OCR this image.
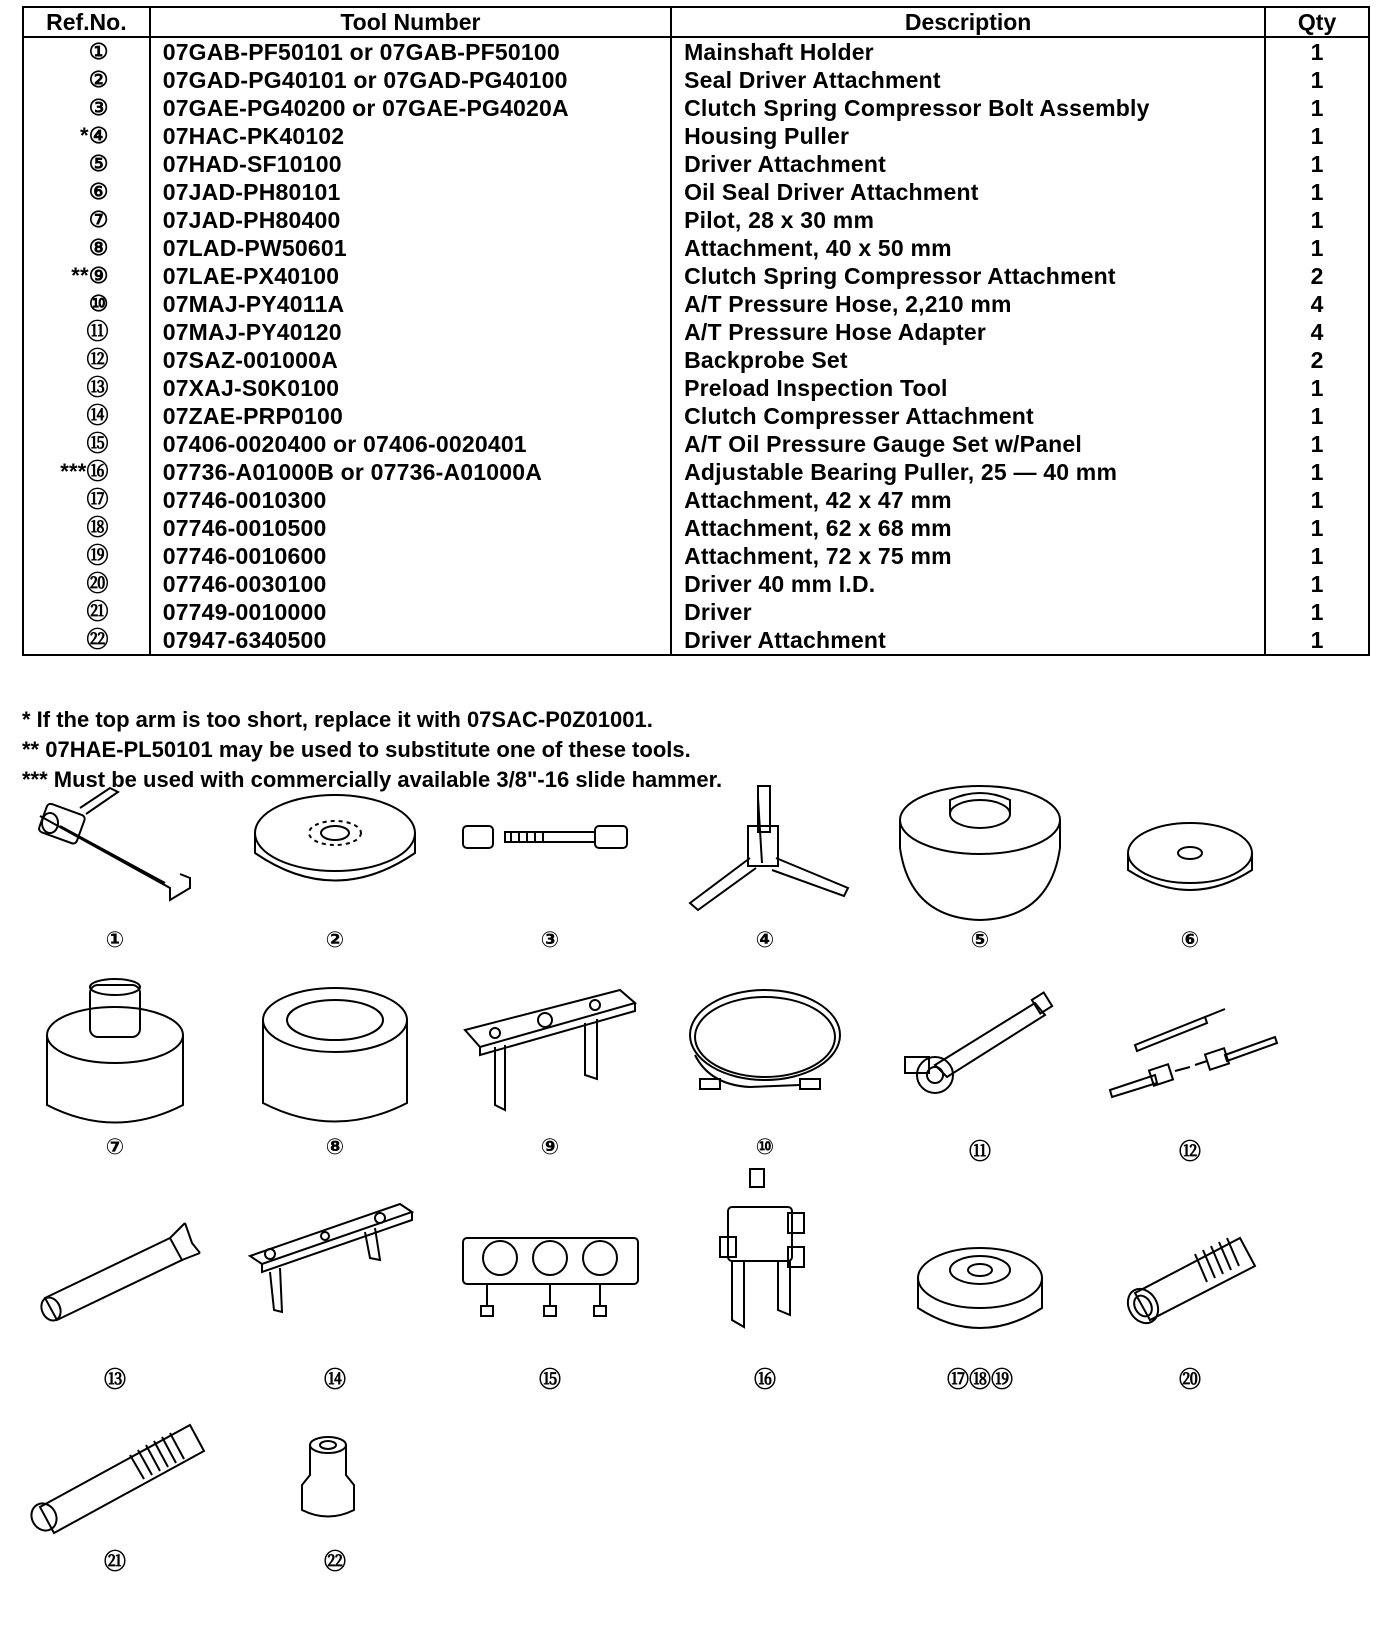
Ref.No.	Tool Number	Description	Qty
①	07GAB-PF50101 or 07GAB-PF50100	Mainshaft Holder	1
②	07GAD-PG40101 or 07GAD-PG40100	Seal Driver Attachment	1
③	07GAE-PG40200 or 07GAE-PG4020A	Clutch Spring Compressor Bolt Assembly	1
*④	07HAC-PK40102	Housing Puller	1
⑤	07HAD-SF10100	Driver Attachment	1
⑥	07JAD-PH80101	Oil Seal Driver Attachment	1
⑦	07JAD-PH80400	Pilot, 28 x 30 mm	1
⑧	07LAD-PW50601	Attachment, 40 x 50 mm	1
**⑨	07LAE-PX40100	Clutch Spring Compressor Attachment	2
⑩	07MAJ-PY4011A	A/T Pressure Hose, 2,210 mm	4
⑪	07MAJ-PY40120	A/T Pressure Hose Adapter	4
⑫	07SAZ-001000A	Backprobe Set	2
⑬	07XAJ-S0K0100	Preload Inspection Tool	1
⑭	07ZAE-PRP0100	Clutch Compresser Attachment	1
⑮	07406-0020400 or 07406-0020401	A/T Oil Pressure Gauge Set w/Panel	1
***⑯	07736-A01000B or 07736-A01000A	Adjustable Bearing Puller, 25 — 40 mm	1
⑰	07746-0010300	Attachment, 42 x 47 mm	1
⑱	07746-0010500	Attachment, 62 x 68 mm	1
⑲	07746-0010600	Attachment, 72 x 75 mm	1
⑳	07746-0030100	Driver 40 mm I.D.	1
㉑	07749-0010000	Driver	1
㉒	07947-6340500	Driver Attachment	1
* If the top arm is too short, replace it with 07SAC-P0Z01001.
** 07HAE-PL50101 may be used to substitute one of these tools.
*** Must be used with commercially available 3/8"-16 slide hammer.
①	②	③	④	⑤	⑥
⑦	⑧	⑨	⑩	⑪	⑫
⑬	⑭	⑮	⑯	⑰⑱⑲	⑳
㉑	㉒
